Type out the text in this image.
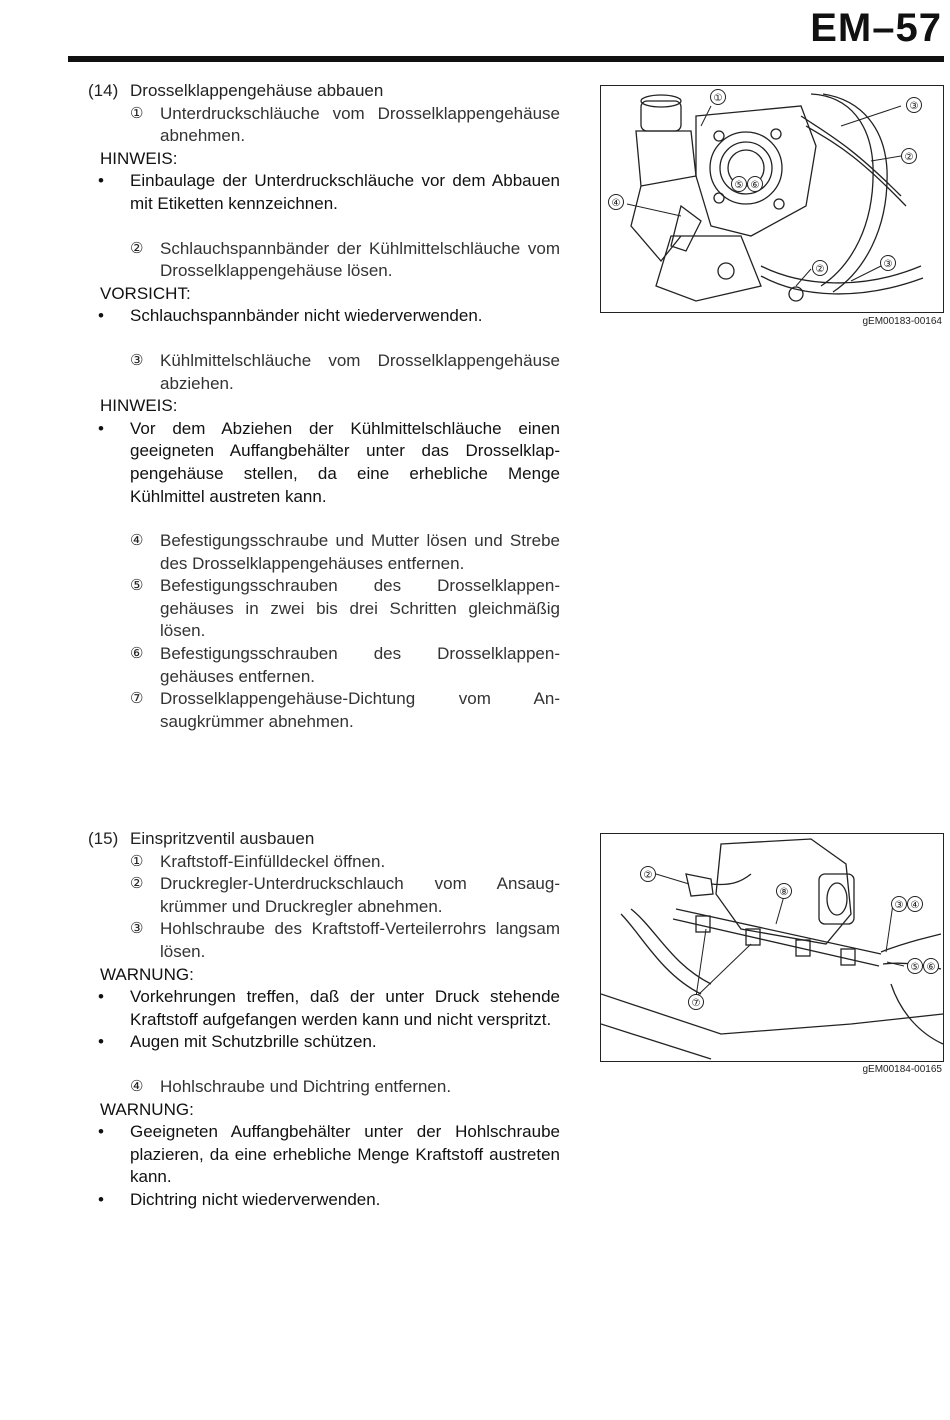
EM–57
(14) Drosselklappengehäuse abbauen
① Unterdruckschläuche vom Drosselklappengehäuse abnehmen.
HINWEIS:
•	Einbaulage der Unterdruckschläuche vor dem Abbauen mit Etiketten kennzeichnen.
② Schlauchspannbänder der Kühlmittelschläuche vom Drosselklappengehäuse lösen.
VORSICHT:
•	Schlauchspannbänder nicht wiederverwenden.
③ Kühlmittelschläuche vom Drosselklappengehäuse abziehen.
HINWEIS:
•	Vor dem Abziehen der Kühlmittelschläuche einen geeigneten Auffangbehälter unter das Drosselklappengehäuse stellen, da eine erhebliche Menge Kühlmittel austreten kann.
④ Befestigungsschraube und Mutter lösen und Strebe des Drosselklappengehäuses entfernen.
⑤ Befestigungsschrauben des Drosselklappengehäuses in zwei bis drei Schritten gleichmäßig lösen.
⑥ Befestigungsschrauben des Drosselklappengehäuses entfernen.
⑦ Drosselklappengehäuse-Dichtung vom Ansaugkrümmer abnehmen.
(15) Einspritzventil ausbauen
① Kraftstoff-Einfülldeckel öffnen.
② Druckregler-Unterdruckschlauch vom Ansaugkrümmer und Druckregler abnehmen.
③ Hohlschraube des Kraftstoff-Verteilerrohrs langsam lösen.
WARNUNG:
•	Vorkehrungen treffen, daß der unter Druck stehende Kraftstoff aufgefangen werden kann und nicht verspritzt.
•	Augen mit Schutzbrille schützen.
④ Hohlschraube und Dichtring entfernen.
WARNUNG:
•	Geeigneten Auffangbehälter unter der Hohlschraube plazieren, da eine erhebliche Menge Kraftstoff austreten kann.
•	Dichtring nicht wiederverwenden.
①
③
②
④
⑤ ⑥
②	③
gEM00183-00164
②
⑧
③ ④
⑤ ⑥
⑦
gEM00184-00165
